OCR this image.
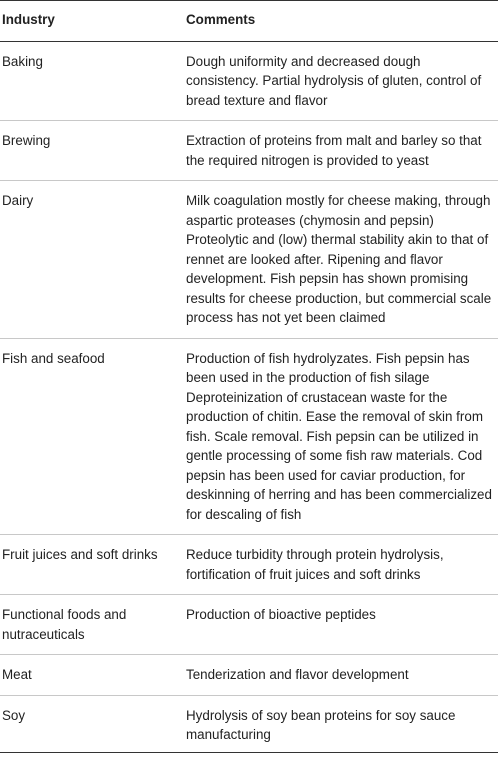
Industry	Comments
Baking	Dough uniformity and decreased dough consistency. Partial hydrolysis of gluten, control of bread texture and flavor
Brewing	Extraction of proteins from malt and barley so that the required nitrogen is provided to yeast
Dairy	Milk coagulation mostly for cheese making, through aspartic proteases (chymosin and pepsin) Proteolytic and (low) thermal stability akin to that of rennet are looked after. Ripening and flavor development. Fish pepsin has shown promising results for cheese production, but commercial scale process has not yet been claimed
Fish and seafood	Production of fish hydrolyzates. Fish pepsin has been used in the production of fish silage Deproteinization of crustacean waste for the production of chitin. Ease the removal of skin from fish. Scale removal. Fish pepsin can be utilized in gentle processing of some fish raw materials. Cod pepsin has been used for caviar production, for deskinning of herring and has been commercialized for descaling of fish
Fruit juices and soft drinks	Reduce turbidity through protein hydrolysis, fortification of fruit juices and soft drinks
Functional foods and nutraceuticals	Production of bioactive peptides
Meat	Tenderization and flavor development
Soy	Hydrolysis of soy bean proteins for soy sauce manufacturing
